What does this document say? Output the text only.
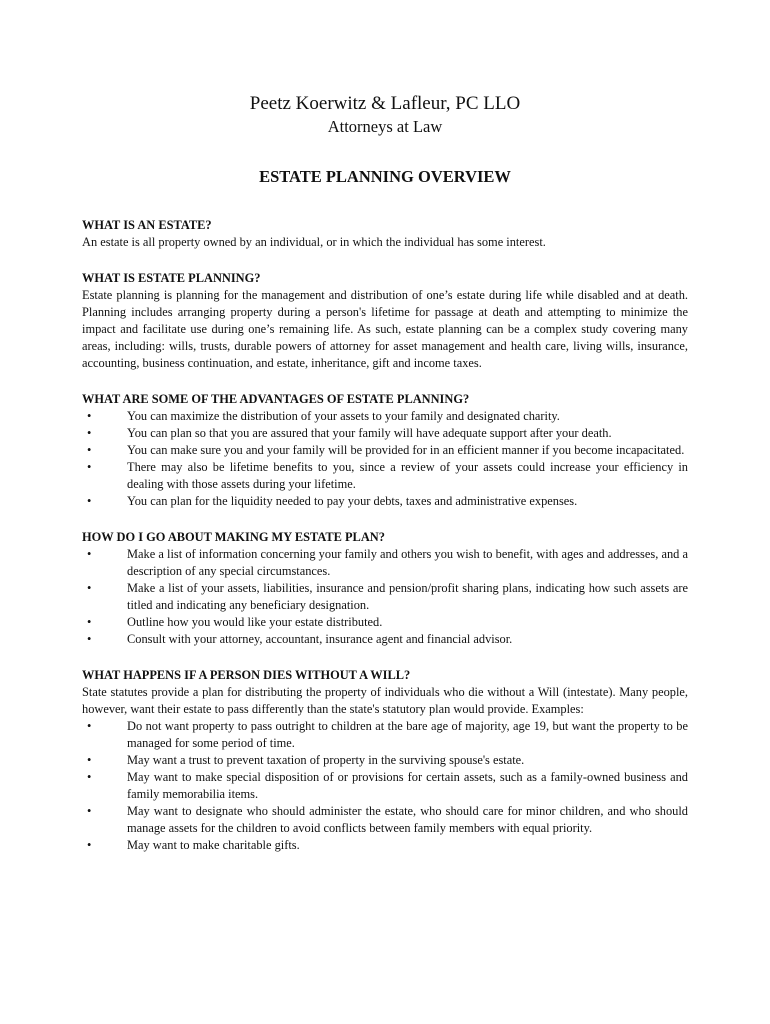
Peetz Koerwitz & Lafleur, PC LLO
Attorneys at Law
ESTATE PLANNING OVERVIEW
WHAT IS AN ESTATE?
An estate is all property owned by an individual, or in which the individual has some interest.
WHAT IS ESTATE PLANNING?
Estate planning is planning for the management and distribution of one’s estate during life while disabled and at death. Planning includes arranging property during a person's lifetime for passage at death and attempting to minimize the impact and facilitate use during one’s remaining life. As such, estate planning can be a complex study covering many areas, including: wills, trusts, durable powers of attorney for asset management and health care, living wills, insurance, accounting, business continuation, and estate, inheritance, gift and income taxes.
WHAT ARE SOME OF THE ADVANTAGES OF ESTATE PLANNING?
•	You can maximize the distribution of your assets to your family and designated charity.
•	You can plan so that you are assured that your family will have adequate support after your death.
•	You can make sure you and your family will be provided for in an efficient manner if you become incapacitated.
•	There may also be lifetime benefits to you, since a review of your assets could increase your efficiency in dealing with those assets during your lifetime.
•	You can plan for the liquidity needed to pay your debts, taxes and administrative expenses.
HOW DO I GO ABOUT MAKING MY ESTATE PLAN?
•	Make a list of information concerning your family and others you wish to benefit, with ages and addresses, and a description of any special circumstances.
•	Make a list of your assets, liabilities, insurance and pension/profit sharing plans, indicating how such assets are titled and indicating any beneficiary designation.
•	Outline how you would like your estate distributed.
•	Consult with your attorney, accountant, insurance agent and financial advisor.
WHAT HAPPENS IF A PERSON DIES WITHOUT A WILL?
State statutes provide a plan for distributing the property of individuals who die without a Will (intestate). Many people, however, want their estate to pass differently than the state's statutory plan would provide. Examples:
•	Do not want property to pass outright to children at the bare age of majority, age 19, but want the property to be managed for some period of time.
•	May want a trust to prevent taxation of property in the surviving spouse's estate.
•	May want to make special disposition of or provisions for certain assets, such as a family-owned business and family memorabilia items.
•	May want to designate who should administer the estate, who should care for minor children, and who should manage assets for the children to avoid conflicts between family members with equal priority.
•	May want to make charitable gifts.
